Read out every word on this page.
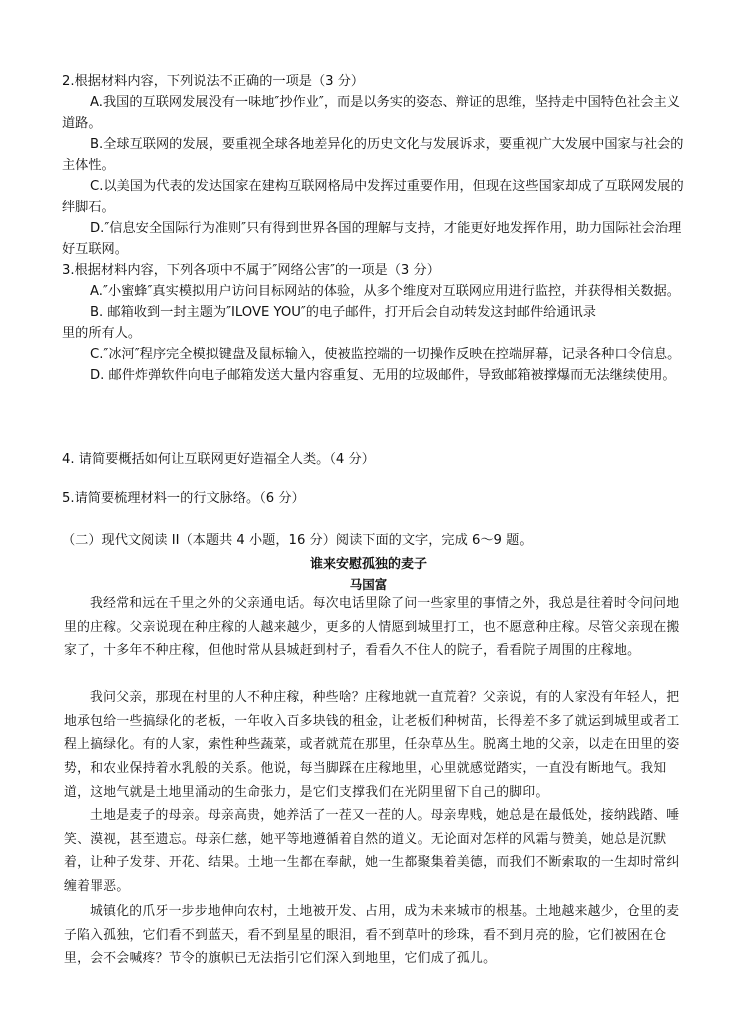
2.根据材料内容，下列说法不正确的一项是（3 分）
A.我国的互联网发展没有一味地″抄作业″，而是以务实的姿态、辩证的思维，坚持走中国特色社会主义道路。
B.全球互联网的发展，要重视全球各地差异化的历史文化与发展诉求，要重视广大发展中国家与社会的主体性。
C.以美国为代表的发达国家在建构互联网格局中发挥过重要作用，但现在这些国家却成了互联网发展的绊脚石。
D.″信息安全国际行为准则″只有得到世界各国的理解与支持，才能更好地发挥作用，助力国际社会治理好互联网。
3.根据材料内容，下列各项中不属于″网络公害″的一项是（3 分）
A.″小蜜蜂″真实模拟用户访问目标网站的体验，从多个维度对互联网应用进行监控，并获得相关数据。
B. 邮箱收到一封主题为″ILOVE YOU″的电子邮件，打开后会自动转发这封邮件给通讯录
里的所有人。
C.″冰河″程序完全模拟键盘及鼠标输入，使被监控端的一切操作反映在控端屏幕，记录各种口令信息。
D. 邮件炸弹软件向电子邮箱发送大量内容重复、无用的垃圾邮件，导致邮箱被撑爆而无法继续使用。
4. 请简要概括如何让互联网更好造福全人类。（4 分）
5.请简要梳理材料一的行文脉络。（6 分）
（二）现代文阅读 II（本题共 4 小题，16 分）阅读下面的文字，完成 6～9 题。
谁来安慰孤独的麦子
马国富
我经常和远在千里之外的父亲通电话。每次电话里除了问一些家里的事情之外，我总是往着时令问问地里的庄稼。父亲说现在种庄稼的人越来越少，更多的人情愿到城里打工，也不愿意种庄稼。尽管父亲现在搬家了，十多年不种庄稼，但他时常从县城赶到村子，看看久不住人的院子，看看院子周围的庄稼地。
我问父亲，那现在村里的人不种庄稼，种些啥？庄稼地就一直荒着？父亲说，有的人家没有年轻人，把地承包给一些搞绿化的老板，一年收入百多块钱的租金，让老板们种树苗，长得差不多了就运到城里或者工程上搞绿化。有的人家，索性种些蔬菜，或者就荒在那里，任杂草丛生。脱离土地的父亲，以走在田里的姿势，和农业保持着水乳般的关系。他说，每当脚踩在庄稼地里，心里就感觉踏实，一直没有断地气。我知道，这地气就是土地里涌动的生命张力，是它们支撑我们在光阴里留下自己的脚印。
土地是麦子的母亲。母亲高贵，她养活了一茬又一茬的人。母亲卑贱，她总是在最低处，接纳践踏、唾笑、漠视，甚至遗忘。母亲仁慈，她平等地遵循着自然的道义。无论面对怎样的风霜与赞美，她总是沉默着，让种子发芽、开花、结果。土地一生都在奉献，她一生都聚集着美德，而我们不断索取的一生却时常纠缠着罪恶。
城镇化的爪牙一步步地伸向农村，土地被开发、占用，成为未来城市的根基。土地越来越少，仓里的麦子陷入孤独，它们看不到蓝天，看不到星星的眼泪，看不到草叶的珍珠，看不到月亮的脸，它们被困在仓里，会不会喊疼？节令的旗帜已无法指引它们深入到地里，它们成了孤儿。
